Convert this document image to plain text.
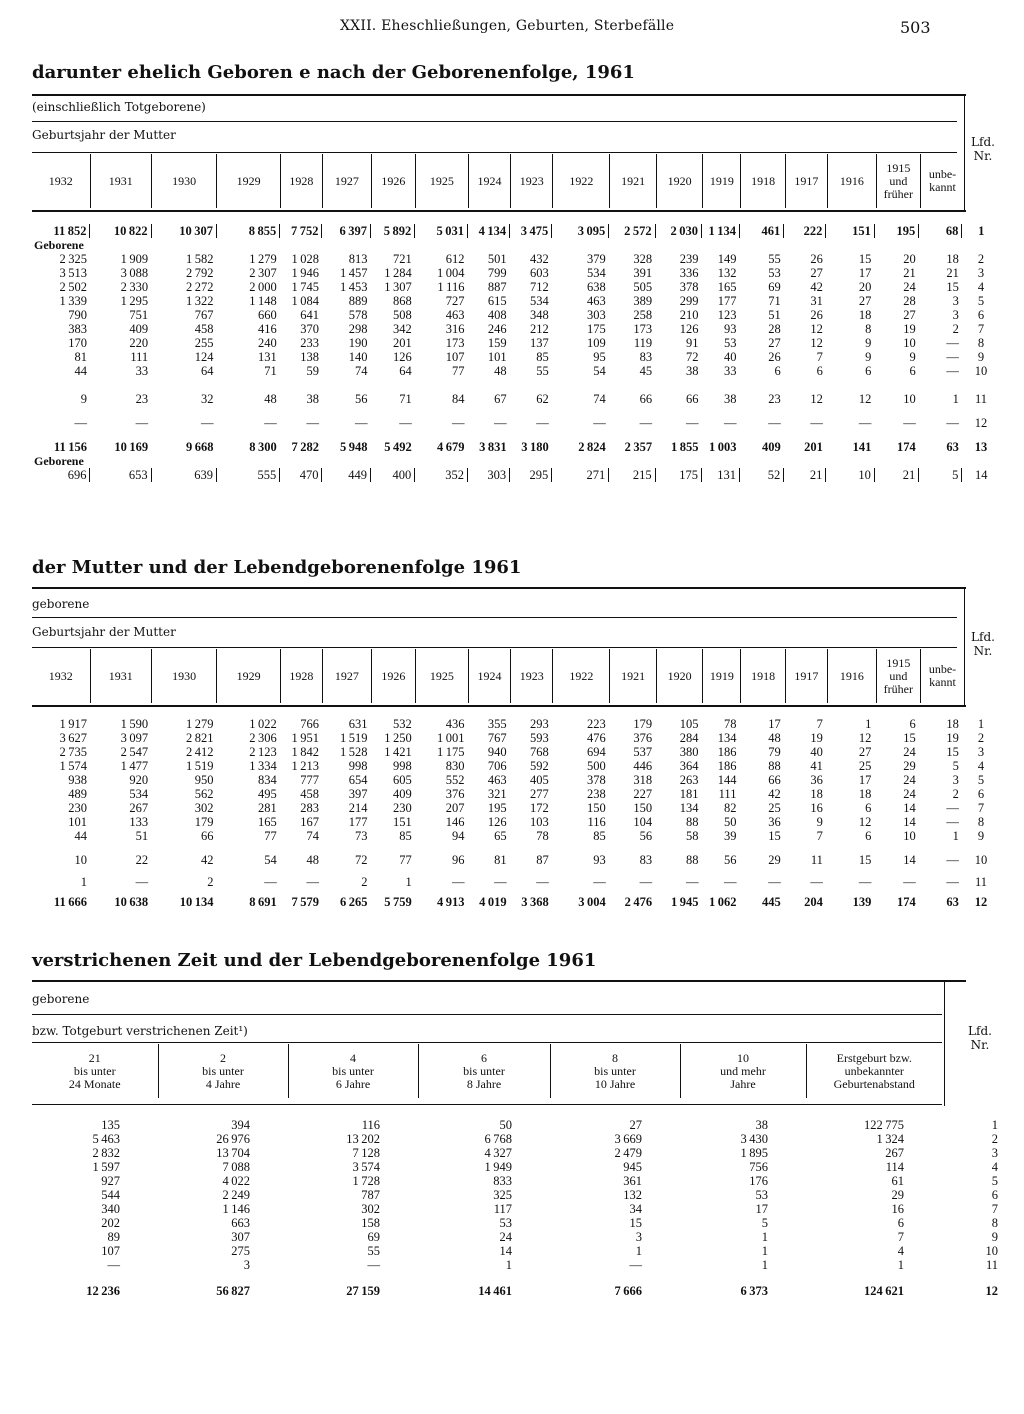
XXII. Eheschließungen, Geburten, Sterbefälle	503
darunter ehelich Geboren e nach der Geborenenfolge, 1961
(einschließlich Totgeborene)
Geburtsjahr der Mutter	Lfd.
Nr.
1932	1931	1930	1929	1928	1927	1926	1925	1924	1923	1922	1921	1920	1919	1918	1917	1916	1915
und
früher	unbe-
kannt
11 852	10 822	10 307	8 855	7 752	6 397	5 892	5 031	4 134	3 475	3 095	2 572	2 030	1 134	461	222	151	195	68	1
Geborene																			
2 325	1 909	1 582	1 279	1 028	813	721	612	501	432	379	328	239	149	55	26	15	20	18	2
3 513	3 088	2 792	2 307	1 946	1 457	1 284	1 004	799	603	534	391	336	132	53	27	17	21	21	3
2 502	2 330	2 272	2 000	1 745	1 453	1 307	1 116	887	712	638	505	378	165	69	42	20	24	15	4
1 339	1 295	1 322	1 148	1 084	889	868	727	615	534	463	389	299	177	71	31	27	28	3	5
790	751	767	660	641	578	508	463	408	348	303	258	210	123	51	26	18	27	3	6
383	409	458	416	370	298	342	316	246	212	175	173	126	93	28	12	8	19	2	7
170	220	255	240	233	190	201	173	159	137	109	119	91	53	27	12	9	10	—	8
81	111	124	131	138	140	126	107	101	85	95	83	72	40	26	7	9	9	—	9
44	33	64	71	59	74	64	77	48	55	54	45	38	33	6	6	6	6	—	10

9	23	32	48	38	56	71	84	67	62	74	66	66	38	23	12	12	10	1	11

—	—	—	—	—	—	—	—	—	—	—	—	—	—	—	—	—	—	—	12

11 156	10 169	9 668	8 300	7 282	5 948	5 492	4 679	3 831	3 180	2 824	2 357	1 855	1 003	409	201	141	174	63	13
Geborene																			
696	653	639	555	470	449	400	352	303	295	271	215	175	131	52	21	10	21	5	14
der Mutter und der Lebendgeborenenfolge 1961
geborene
Geburtsjahr der Mutter	Lfd.
Nr.
1932	1931	1930	1929	1928	1927	1926	1925	1924	1923	1922	1921	1920	1919	1918	1917	1916	1915
und
früher	unbe-
kannt
1 917	1 590	1 279	1 022	766	631	532	436	355	293	223	179	105	78	17	7	1	6	18	1
3 627	3 097	2 821	2 306	1 951	1 519	1 250	1 001	767	593	476	376	284	134	48	19	12	15	19	2
2 735	2 547	2 412	2 123	1 842	1 528	1 421	1 175	940	768	694	537	380	186	79	40	27	24	15	3
1 574	1 477	1 519	1 334	1 213	998	998	830	706	592	500	446	364	186	88	41	25	29	5	4
938	920	950	834	777	654	605	552	463	405	378	318	263	144	66	36	17	24	3	5
489	534	562	495	458	397	409	376	321	277	238	227	181	111	42	18	18	24	2	6
230	267	302	281	283	214	230	207	195	172	150	150	134	82	25	16	6	14	—	7
101	133	179	165	167	177	151	146	126	103	116	104	88	50	36	9	12	14	—	8
44	51	66	77	74	73	85	94	65	78	85	56	58	39	15	7	6	10	1	9

10	22	42	54	48	72	77	96	81	87	93	83	88	56	29	11	15	14	—	10

1	—	2	—	—	2	1	—	—	—	—	—	—	—	—	—	—	—	—	11

11 666	10 638	10 134	8 691	7 579	6 265	5 759	4 913	4 019	3 368	3 004	2 476	1 945	1 062	445	204	139	174	63	12
verstrichenen Zeit und der Lebendgeborenenfolge 1961
geborene
bzw. Totgeburt verstrichenen Zeit¹)	Lfd.
Nr.
21
bis unter
24 Monate	2
bis unter
4 Jahre	4
bis unter
6 Jahre	6
bis unter
8 Jahre	8
bis unter
10 Jahre	10
und mehr
Jahre	Erstgeburt bzw.
unbekannter
Geburtenabstand
135	394	116	50	27	38	122 775	1
5 463	26 976	13 202	6 768	3 669	3 430	1 324	2
2 832	13 704	7 128	4 327	2 479	1 895	267	3
1 597	7 088	3 574	1 949	945	756	114	4
927	4 022	1 728	833	361	176	61	5
544	2 249	787	325	132	53	29	6
340	1 146	302	117	34	17	16	7
202	663	158	53	15	5	6	8
89	307	69	24	3	1	7	9
107	275	55	14	1	1	4	10
—	3	—	1	—	1	1	11

12 236	56 827	27 159	14 461	7 666	6 373	124 621	12
